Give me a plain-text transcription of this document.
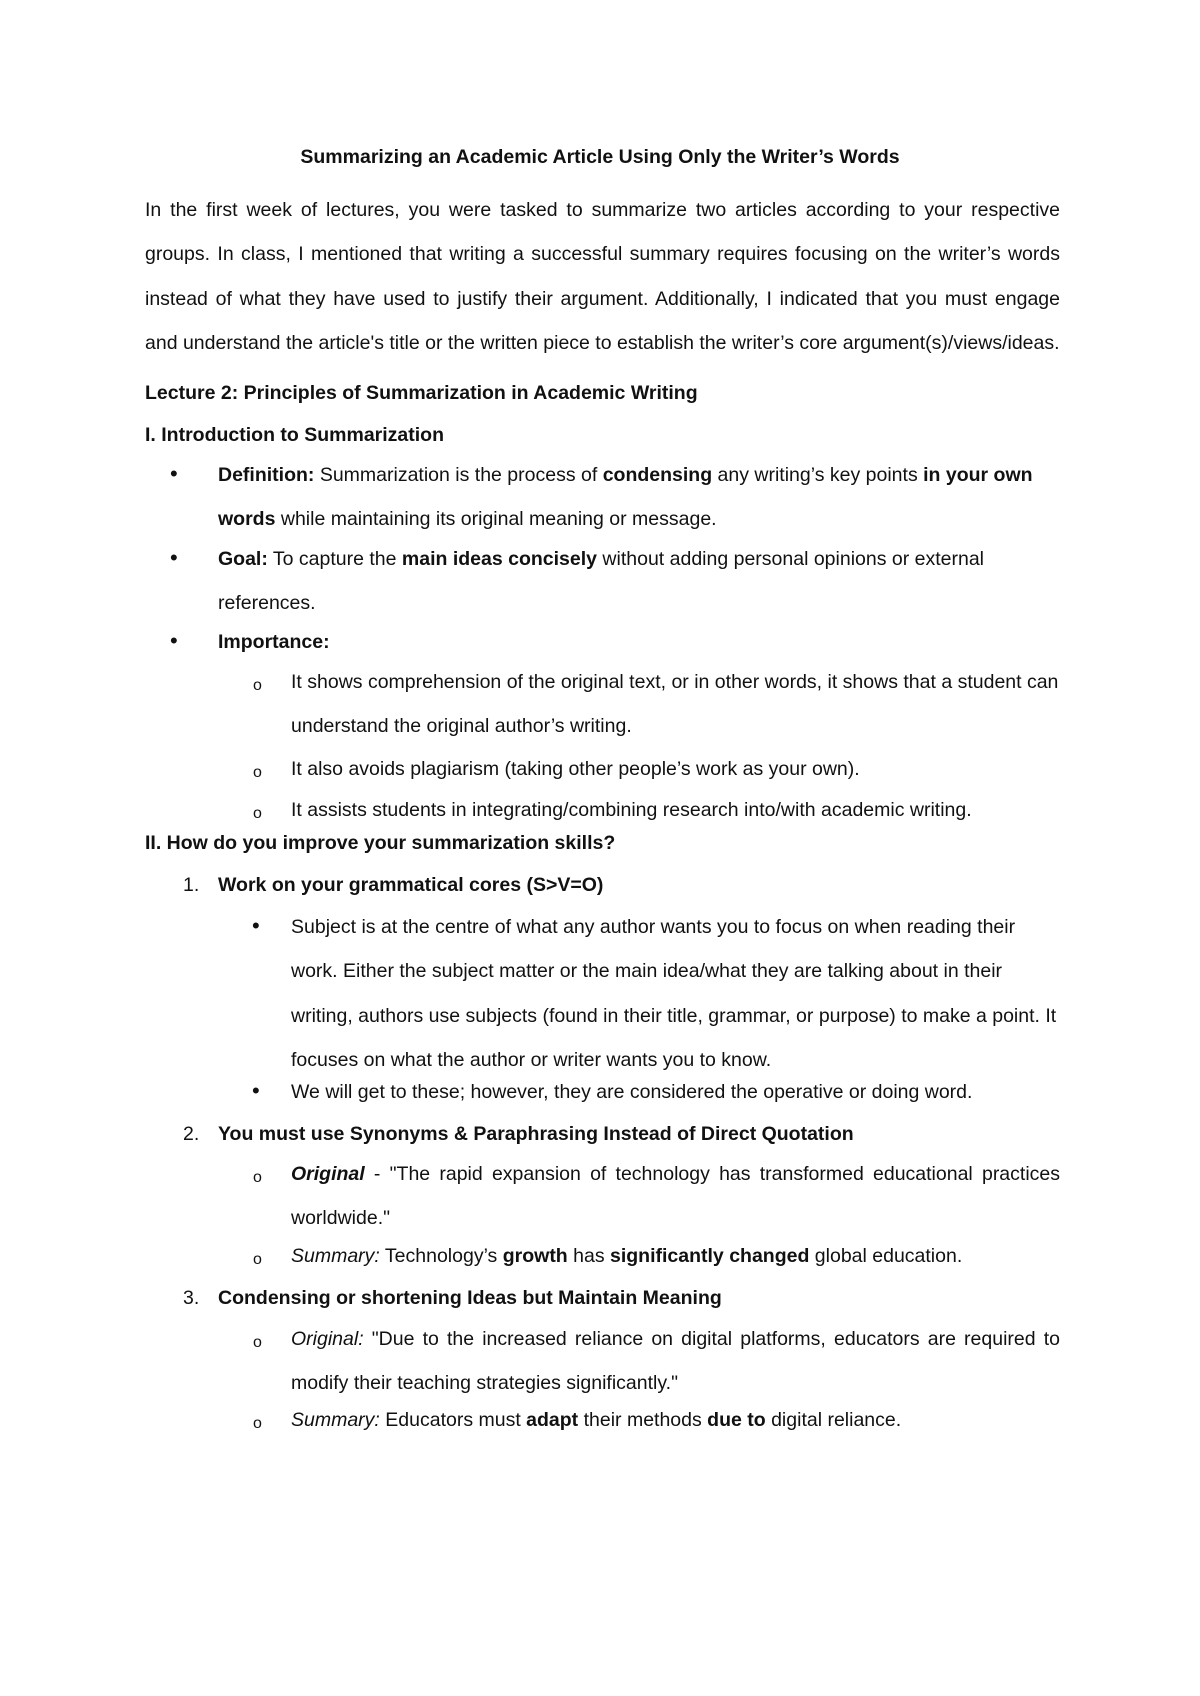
Summarizing an Academic Article Using Only the Writer’s Words

In the first week of lectures, you were tasked to summarize two articles according to your respective groups. In class, I mentioned that writing a successful summary requires focusing on the writer’s words instead of what they have used to justify their argument. Additionally, I indicated that you must engage and understand the article's title or the written piece to establish the writer’s core argument(s)/views/ideas.

Lecture 2: Principles of Summarization in Academic Writing
I. Introduction to Summarization
• Definition: Summarization is the process of condensing any writing’s key points in your own words while maintaining its original meaning or message.

• Goal: To capture the main ideas concisely without adding personal opinions or external references.

• Importance:

o It shows comprehension of the original text, or in other words, it shows that a student can understand the original author’s writing.

o It also avoids plagiarism (taking other people’s work as your own).

o It assists students in integrating/combining research into/with academic writing.

II. How do you improve your summarization skills?
1. Work on your grammatical cores (S>V=O)

• Subject is at the centre of what any author wants you to focus on when reading their work. Either the subject matter or the main idea/what they are talking about in their writing, authors use subjects (found in their title, grammar, or purpose) to make a point. It focuses on what the author or writer wants you to know.

• We will get to these; however, they are considered the operative or doing word.

2. You must use Synonyms & Paraphrasing Instead of Direct Quotation

o Original - "The rapid expansion of technology has transformed educational practices worldwide."

o Summary: Technology’s growth has significantly changed global education.

3. Condensing or shortening Ideas but Maintain Meaning

o Original: "Due to the increased reliance on digital platforms, educators are required to modify their teaching strategies significantly."

o Summary: Educators must adapt their methods due to digital reliance.
